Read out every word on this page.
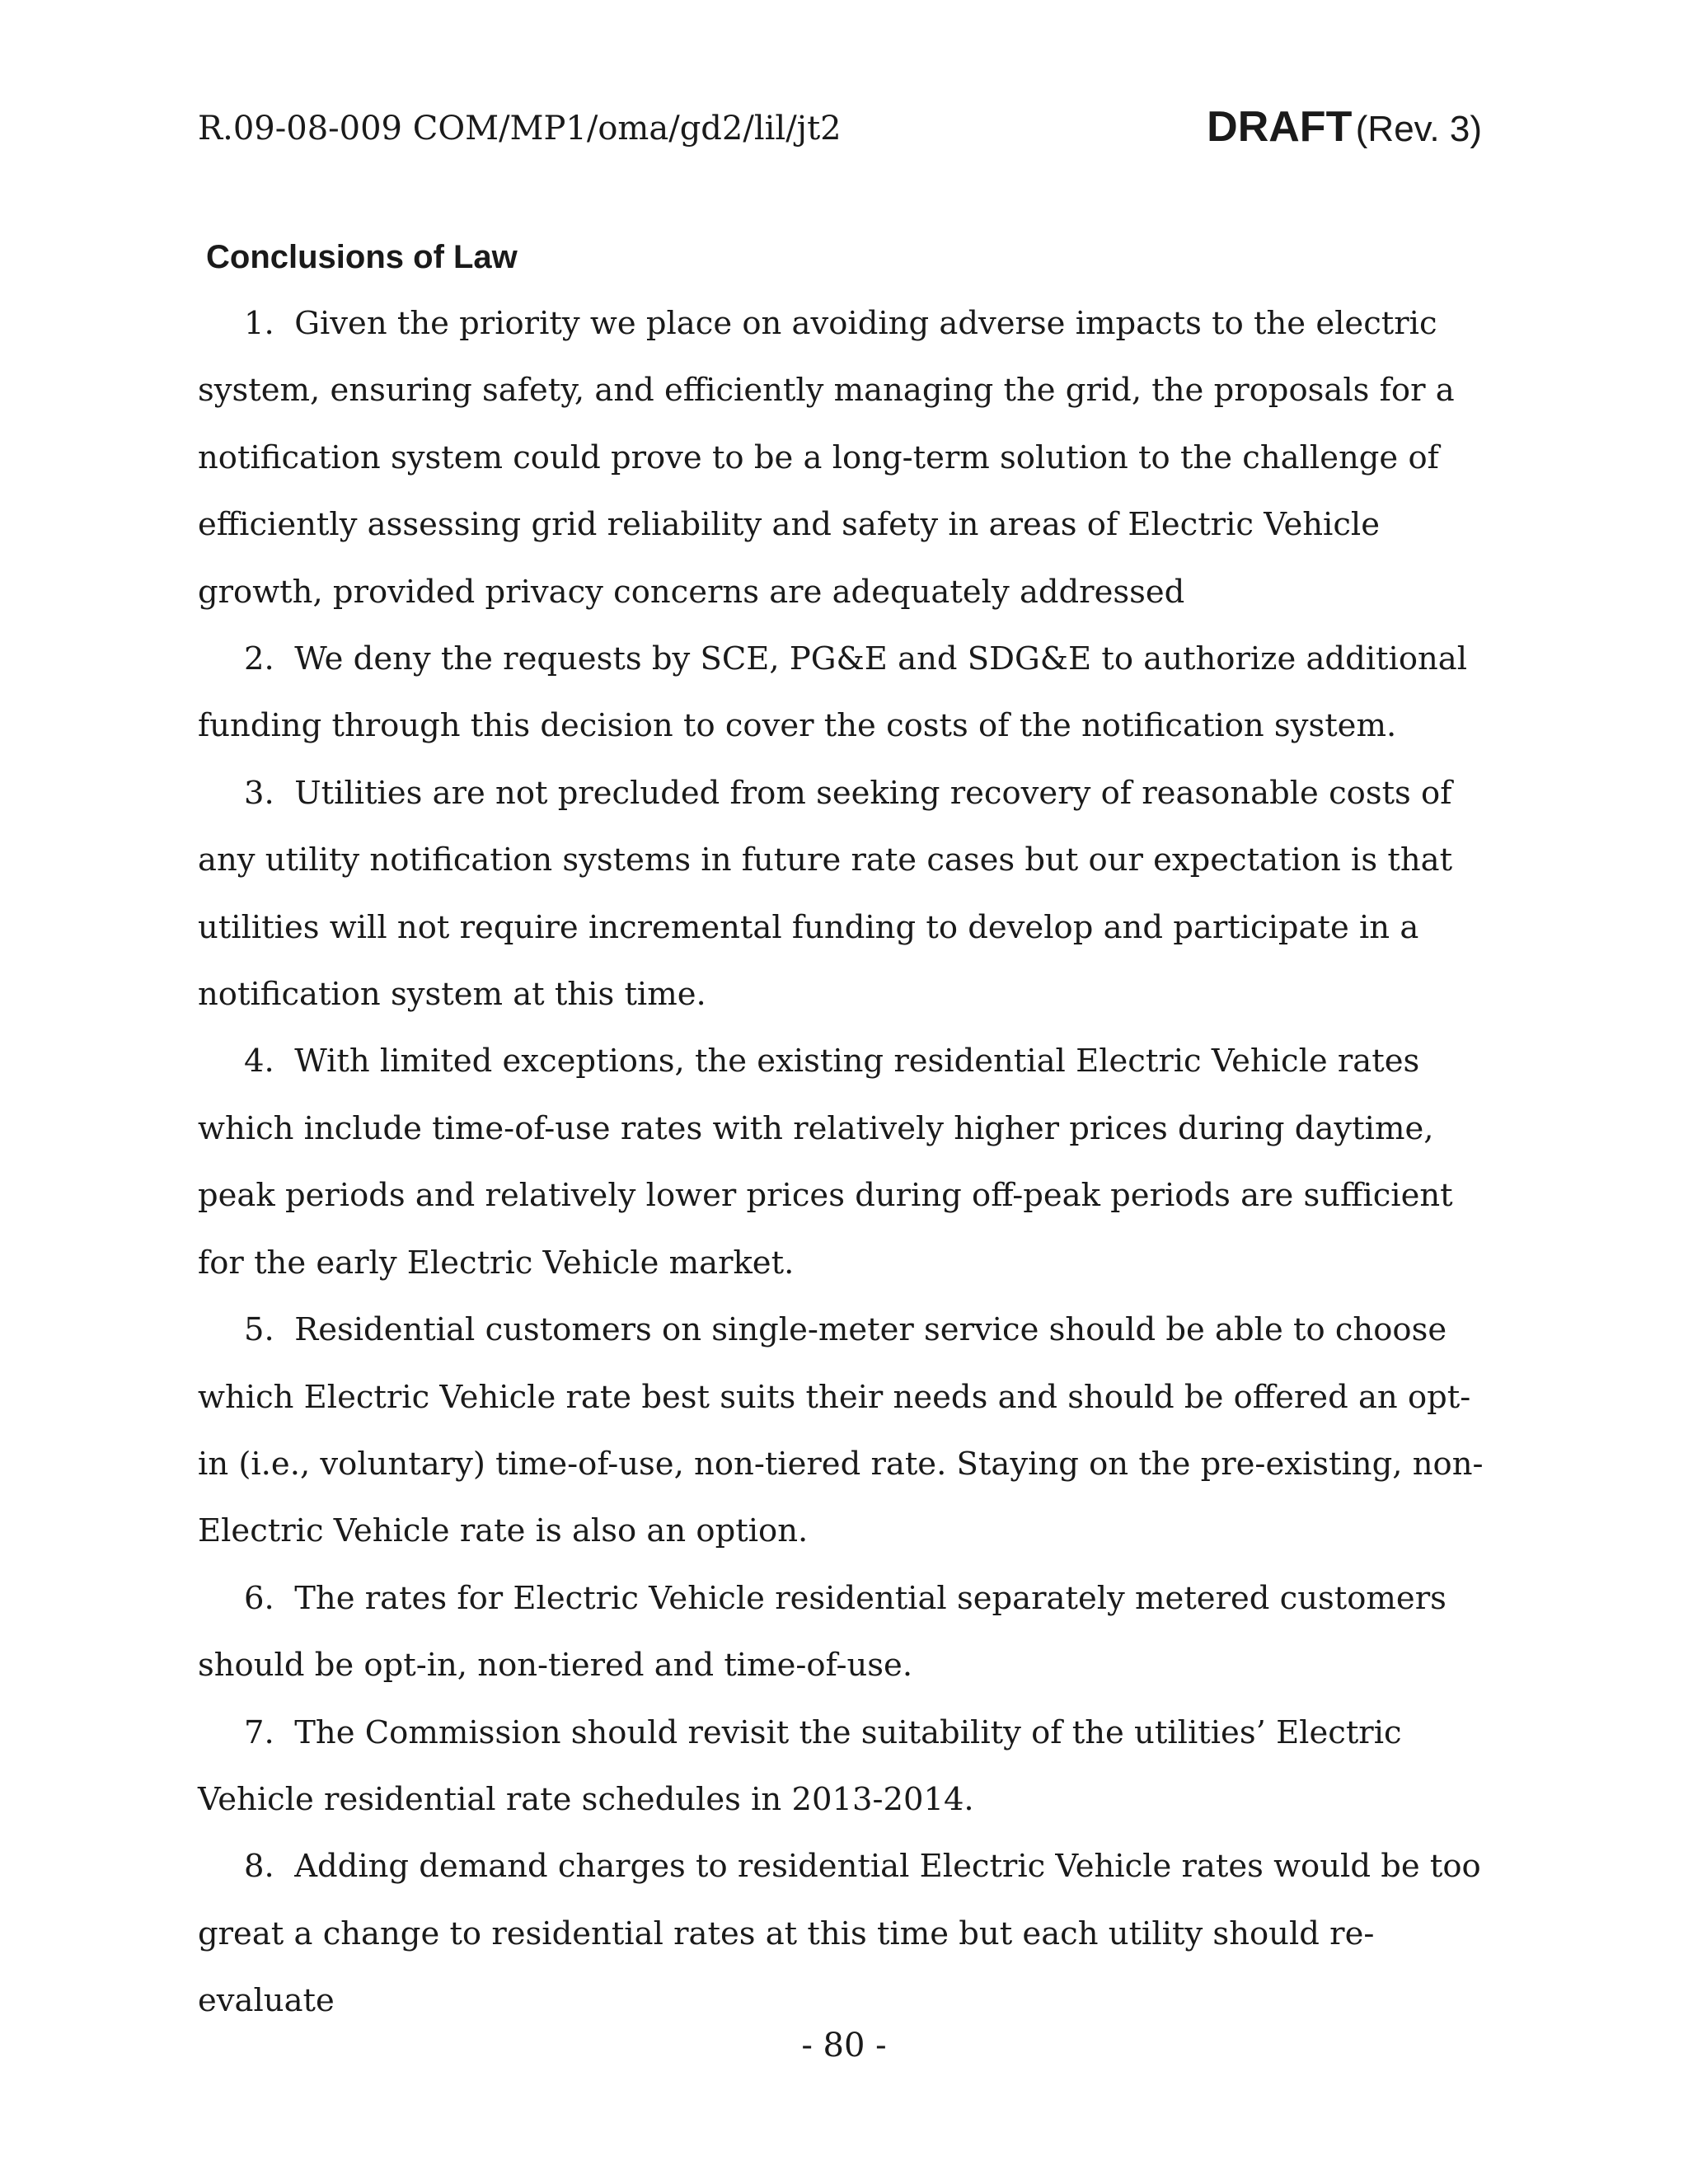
R.09-08-009 COM/MP1/oma/gd2/lil/jt2	DRAFT (Rev. 3)
Conclusions of Law

1. Given the priority we place on avoiding adverse impacts to the electric system, ensuring safety, and efficiently managing the grid, the proposals for a notification system could prove to be a long-term solution to the challenge of efficiently assessing grid reliability and safety in areas of Electric Vehicle growth, provided privacy concerns are adequately addressed

2. We deny the requests by SCE, PG&E and SDG&E to authorize additional funding through this decision to cover the costs of the notification system.

3. Utilities are not precluded from seeking recovery of reasonable costs of any utility notification systems in future rate cases but our expectation is that utilities will not require incremental funding to develop and participate in a notification system at this time.

4. With limited exceptions, the existing residential Electric Vehicle rates which include time-of-use rates with relatively higher prices during daytime, peak periods and relatively lower prices during off-peak periods are sufficient for the early Electric Vehicle market.

5. Residential customers on single-meter service should be able to choose which Electric Vehicle rate best suits their needs and should be offered an opt-in (i.e., voluntary) time-of-use, non-tiered rate. Staying on the pre-existing, non-Electric Vehicle rate is also an option.

6. The rates for Electric Vehicle residential separately metered customers should be opt-in, non-tiered and time-of-use.

7. The Commission should revisit the suitability of the utilities’ Electric Vehicle residential rate schedules in 2013-2014.

8. Adding demand charges to residential Electric Vehicle rates would be too great a change to residential rates at this time but each utility should re-evaluate

- 80 -
